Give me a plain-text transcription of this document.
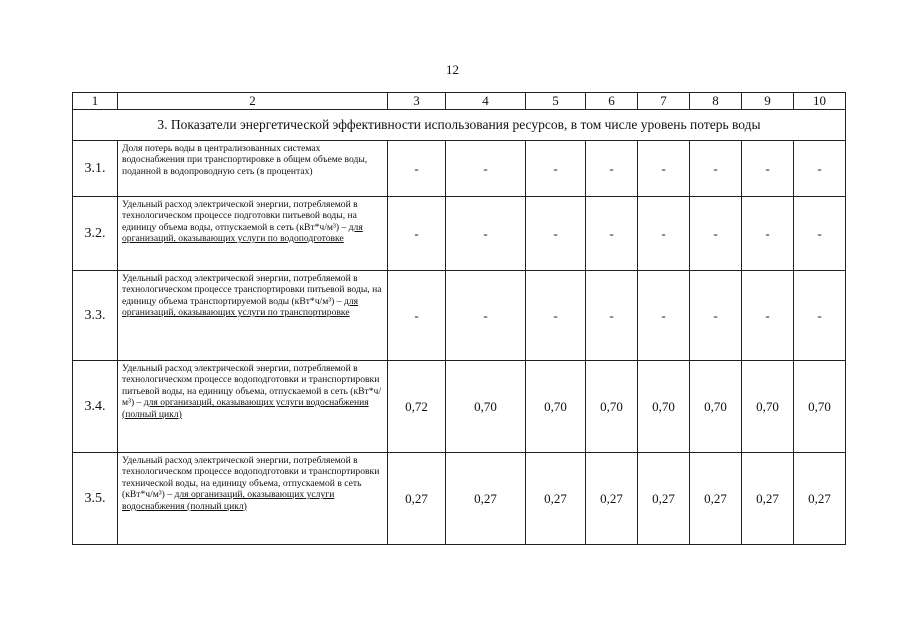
12
1	2	3	4	5	6	7	8	9	10
3. Показатели энергетической эффективности использования ресурсов, в том числе уровень потерь воды									
3.1.	Доля потерь воды в централизованных системах водоснабжения при транспортировке в общем объеме воды, поданной в водопроводную сеть (в процентах)	-	-	-	-	-	-	-	-
3.2.	Удельный расход электрической энергии, потребляемой в технологическом процессе подготовки питьевой воды, на единицу объема воды, отпускаемой в сеть (кВт*ч/м³) – для организаций, оказывающих услуги по водоподготовке	-	-	-	-	-	-	-	-
3.3.	Удельный расход электрической энергии, потребляемой в технологическом процессе транспортировки питьевой воды, на единицу объема транспортируемой воды (кВт*ч/м³) – для организаций, оказывающих услуги по транспортировке	-	-	-	-	-	-	-	-
3.4.	Удельный расход электрической энергии, потребляемой в технологическом процессе водоподготовки и транспортировки питьевой воды, на единицу объема, отпускаемой в сеть (кВт*ч/м³) – для организаций, оказывающих услуги водоснабжения (полный цикл)	0,72	0,70	0,70	0,70	0,70	0,70	0,70	0,70
3.5.	Удельный расход электрической энергии, потребляемой в технологическом процессе водоподготовки и транспортировки технической воды, на единицу объема, отпускаемой в сеть (кВт*ч/м³) – для организаций, оказывающих услуги водоснабжения (полный цикл)	0,27	0,27	0,27	0,27	0,27	0,27	0,27	0,27
